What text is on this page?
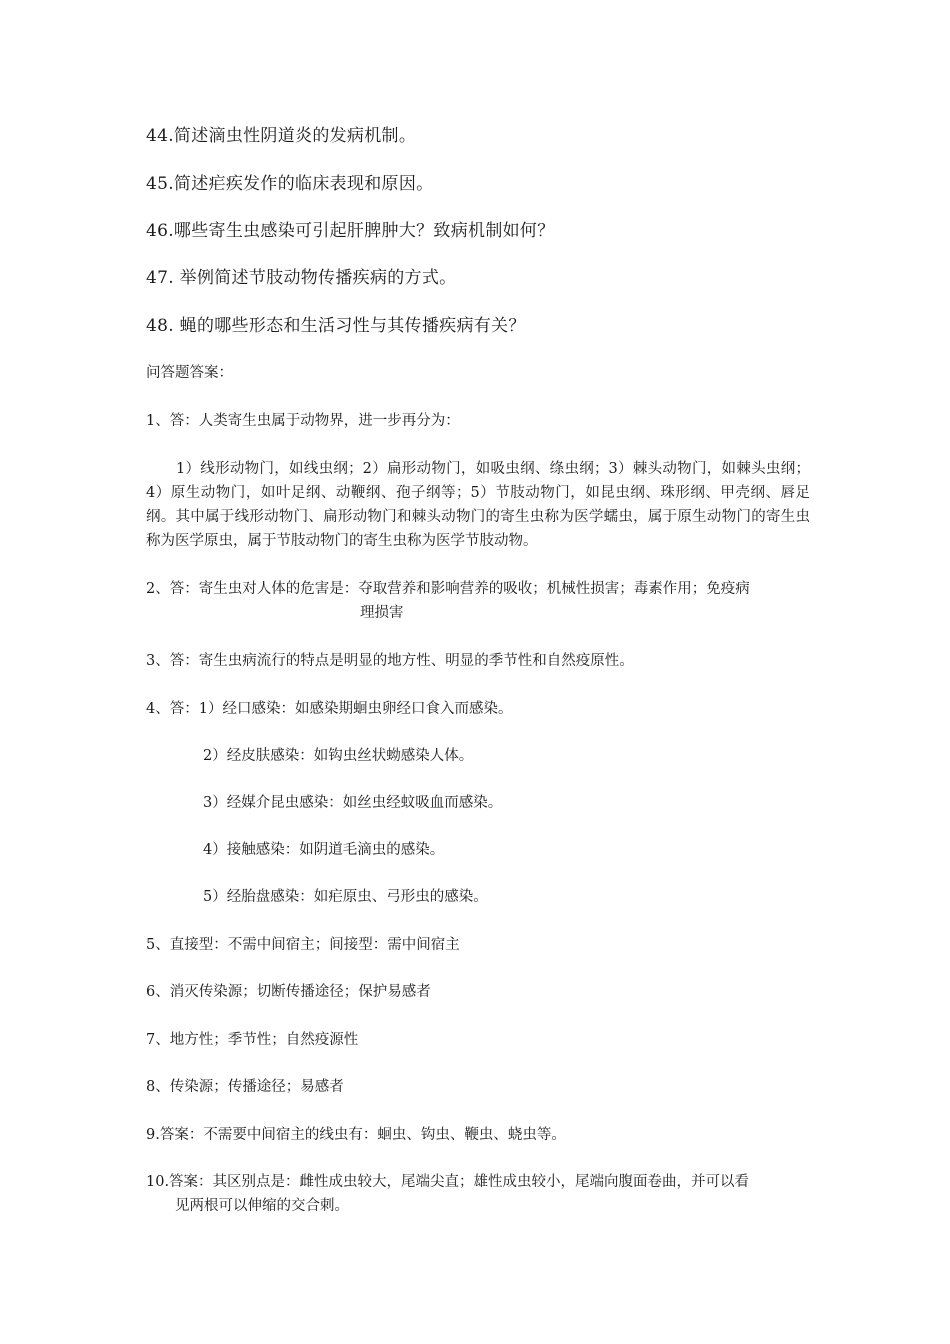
44.简述滴虫性阴道炎的发病机制。
45.简述疟疾发作的临床表现和原因。
46.哪些寄生虫感染可引起肝脾肿大？致病机制如何？
47. 举例简述节肢动物传播疾病的方式。
48. 蝇的哪些形态和生活习性与其传播疾病有关？
问答题答案：
1、答：人类寄生虫属于动物界，进一步再分为：
1）线形动物门，如线虫纲；2）扁形动物门，如吸虫纲、绦虫纲；3）棘头动物门，如棘头虫纲；4）原生动物门，如叶足纲、动鞭纲、孢子纲等；5）节肢动物门，如昆虫纲、珠形纲、甲壳纲、唇足纲。其中属于线形动物门、扁形动物门和棘头动物门的寄生虫称为医学蠕虫，属于原生动物门的寄生虫称为医学原虫，属于节肢动物门的寄生虫称为医学节肢动物。
2、答：寄生虫对人体的危害是：夺取营养和影响营养的吸收；机械性损害；毒素作用；免疫病
理损害
3、答：寄生虫病流行的特点是明显的地方性、明显的季节性和自然疫原性。
4、答：1）经口感染：如感染期蛔虫卵经口食入而感染。
2）经皮肤感染：如钩虫丝状蚴感染人体。
3）经媒介昆虫感染：如丝虫经蚊吸血而感染。
4）接触感染：如阴道毛滴虫的感染。
5）经胎盘感染：如疟原虫、弓形虫的感染。
5、直接型：不需中间宿主；间接型：需中间宿主
6、消灭传染源；切断传播途径；保护易感者
7、地方性；季节性；自然疫源性
8、传染源；传播途径；易感者
9.答案：不需要中间宿主的线虫有：蛔虫、钩虫、鞭虫、蛲虫等。
10.答案：其区别点是：雌性成虫较大，尾端尖直；雄性成虫较小，尾端向腹面卷曲，并可以看
见两根可以伸缩的交合刺。
